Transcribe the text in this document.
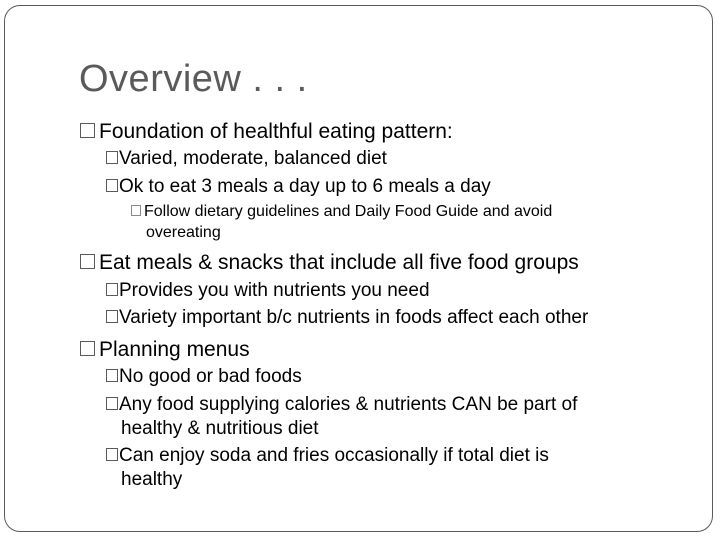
Overview . . .
Foundation of healthful eating pattern:
Varied, moderate, balanced diet
Ok to eat 3 meals a day up to 6 meals a day
Follow dietary guidelines and Daily Food Guide and avoid
overeating
Eat meals & snacks that include all five food groups
Provides you with nutrients you need
Variety important b/c nutrients in foods affect each other
Planning menus
No good or bad foods
Any food supplying calories & nutrients CAN be part of
healthy & nutritious diet
Can enjoy soda and fries occasionally if total diet is
healthy
